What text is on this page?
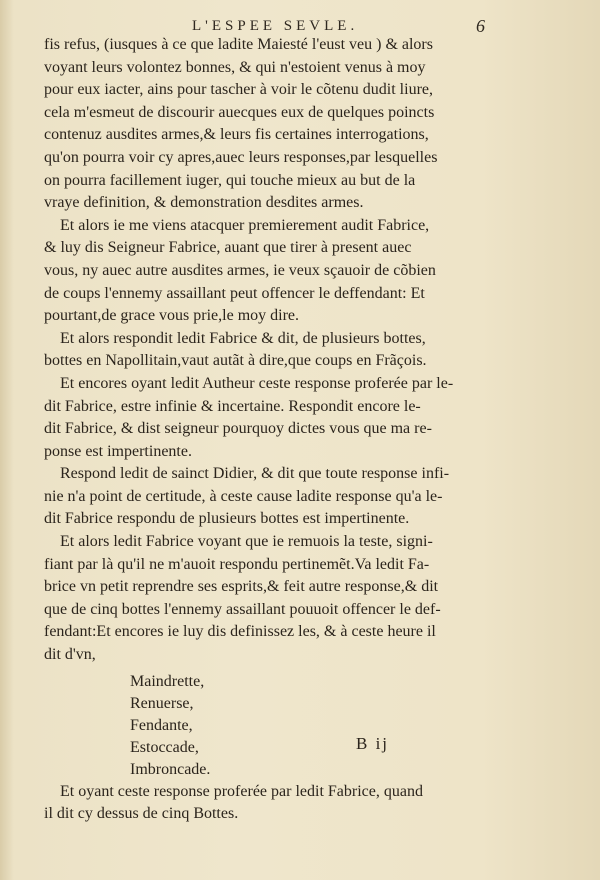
L'ESPEE SEVLE.	6
fis refus, (iusques à ce que ladite Maiesté l'eust veu ) & alors
voyant leurs volontez bonnes, & qui n'estoient venus à moy
pour eux iacter, ains pour tascher à voir le cõtenu dudit liure,
cela m'esmeut de discourir auecques eux de quelques poincts
contenuz ausdites armes,& leurs fis certaines interrogations,
qu'on pourra voir cy apres,auec leurs responses,par lesquelles
on pourra facillement iuger, qui touche mieux au but de la
vraye definition, & demonstration desdites armes.
Et alors ie me viens atacquer premierement audit Fabrice,
& luy dis Seigneur Fabrice, auant que tirer à present auec
vous, ny auec autre ausdites armes, ie veux sçauoir de cõbien
de coups l'ennemy assaillant peut offencer le deffendant: Et
pourtant,de grace vous prie,le moy dire.
Et alors respondit ledit Fabrice & dit, de plusieurs bottes,
bottes en Napollitain,vaut autãt à dire,que coups en Frãçois.
Et encores oyant ledit Autheur ceste response proferée par le-
dit Fabrice, estre infinie & incertaine. Respondit encore le-
dit Fabrice, & dist seigneur pourquoy dictes vous que ma re-
ponse est impertinente.
Respond ledit de sainct Didier, & dit que toute response infi-
nie n'a point de certitude, à ceste cause ladite response qu'a le-
dit Fabrice respondu de plusieurs bottes est impertinente.
Et alors ledit Fabrice voyant que ie remuois la teste, signi-
fiant par là qu'il ne m'auoit respondu pertinemẽt.Va ledit Fa-
brice vn petit reprendre ses esprits,& feit autre response,& dit
que de cinq bottes l'ennemy assaillant pouuoit offencer le def-
fendant:Et encores ie luy dis definissez les, & à ceste heure il
dit d'vn,
Maindrette,
Renuerse,
Fendante,
Estoccade,
Imbroncade.
Et oyant ceste response proferée par ledit Fabrice, quand
il dit cy dessus de cinq Bottes.
B ij
